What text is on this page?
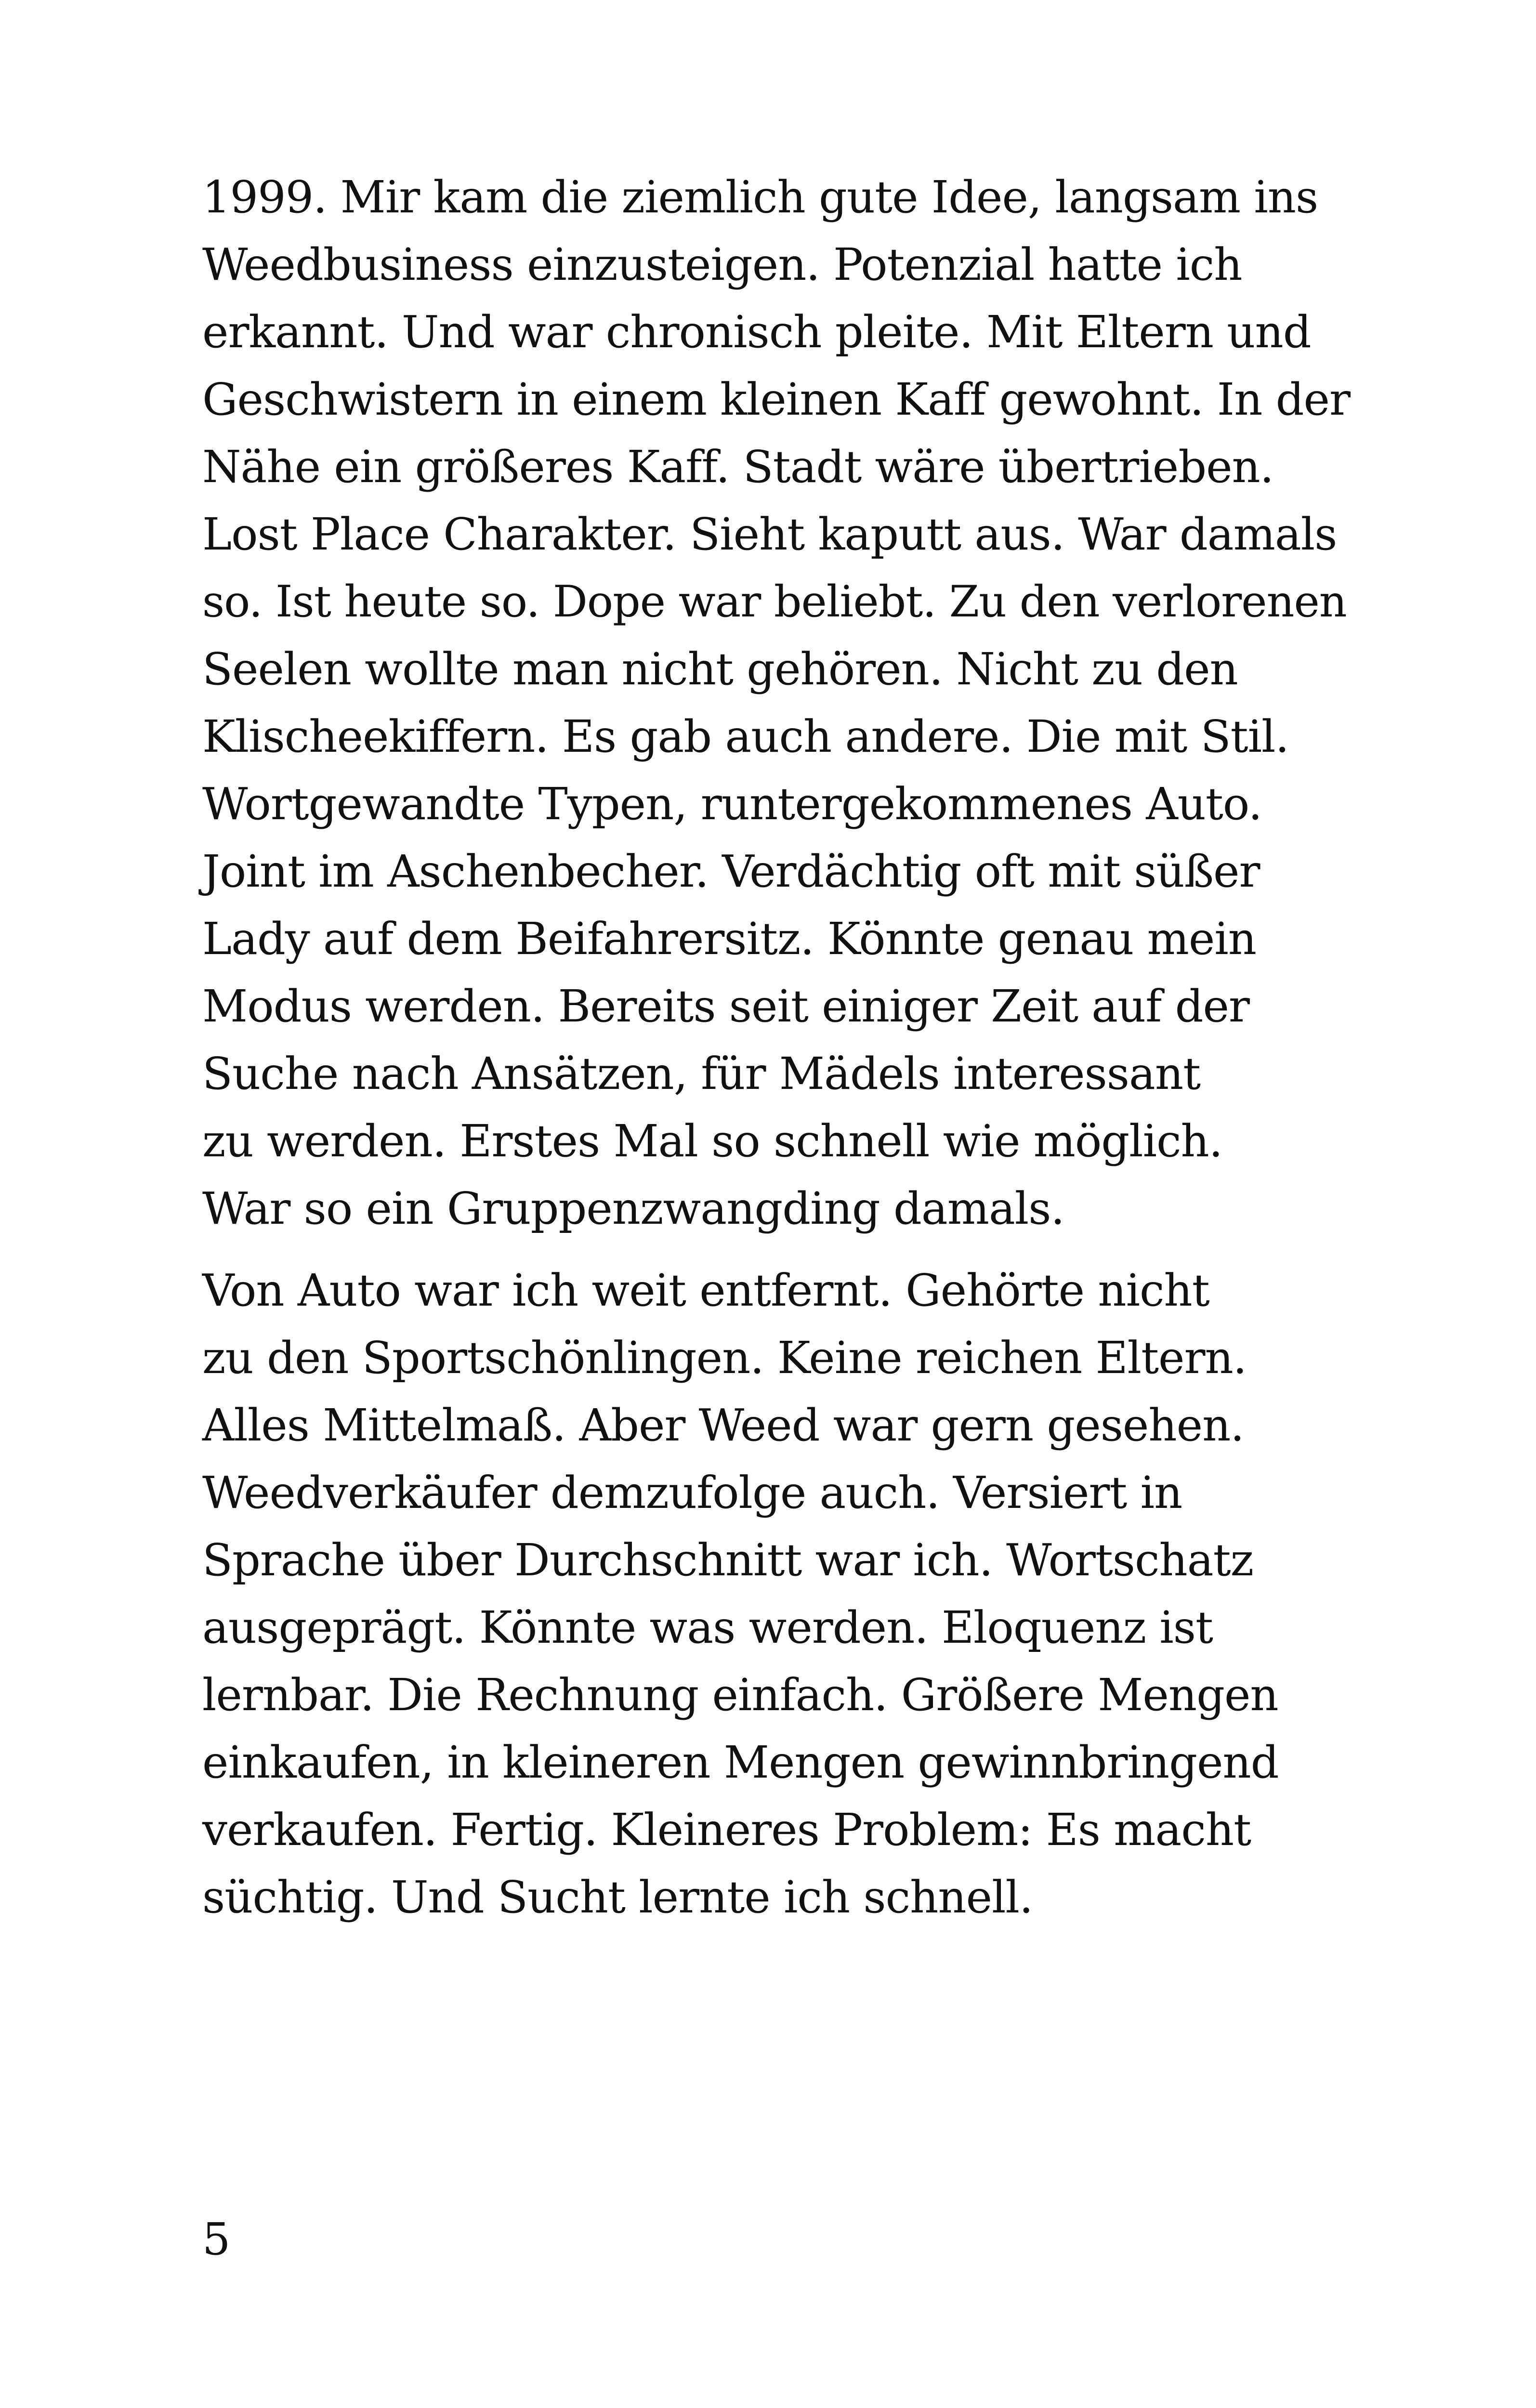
1999. Mir kam die ziemlich gute Idee, langsam ins
Weedbusiness einzusteigen. Potenzial hatte ich
erkannt. Und war chronisch pleite. Mit Eltern und
Geschwistern in einem kleinen Kaff gewohnt. In der
Nähe ein größeres Kaff. Stadt wäre übertrieben.
Lost Place Charakter. Sieht kaputt aus. War damals
so. Ist heute so. Dope war beliebt. Zu den verlorenen
Seelen wollte man nicht gehören. Nicht zu den
Klischeekiffern. Es gab auch andere. Die mit Stil.
Wortgewandte Typen, runtergekommenes Auto.
Joint im Aschenbecher. Verdächtig oft mit süßer
Lady auf dem Beifahrersitz. Könnte genau mein
Modus werden. Bereits seit einiger Zeit auf der
Suche nach Ansätzen, für Mädels interessant
zu werden. Erstes Mal so schnell wie möglich.
War so ein Gruppenzwangding damals.

Von Auto war ich weit entfernt. Gehörte nicht
zu den Sportschönlingen. Keine reichen Eltern.
Alles Mittelmaß. Aber Weed war gern gesehen.
Weedverkäufer demzufolge auch. Versiert in
Sprache über Durchschnitt war ich. Wortschatz
ausgeprägt. Könnte was werden. Eloquenz ist
lernbar. Die Rechnung einfach. Größere Mengen
einkaufen, in kleineren Mengen gewinnbringend
verkaufen. Fertig. Kleineres Problem: Es macht
süchtig. Und Sucht lernte ich schnell.

5
